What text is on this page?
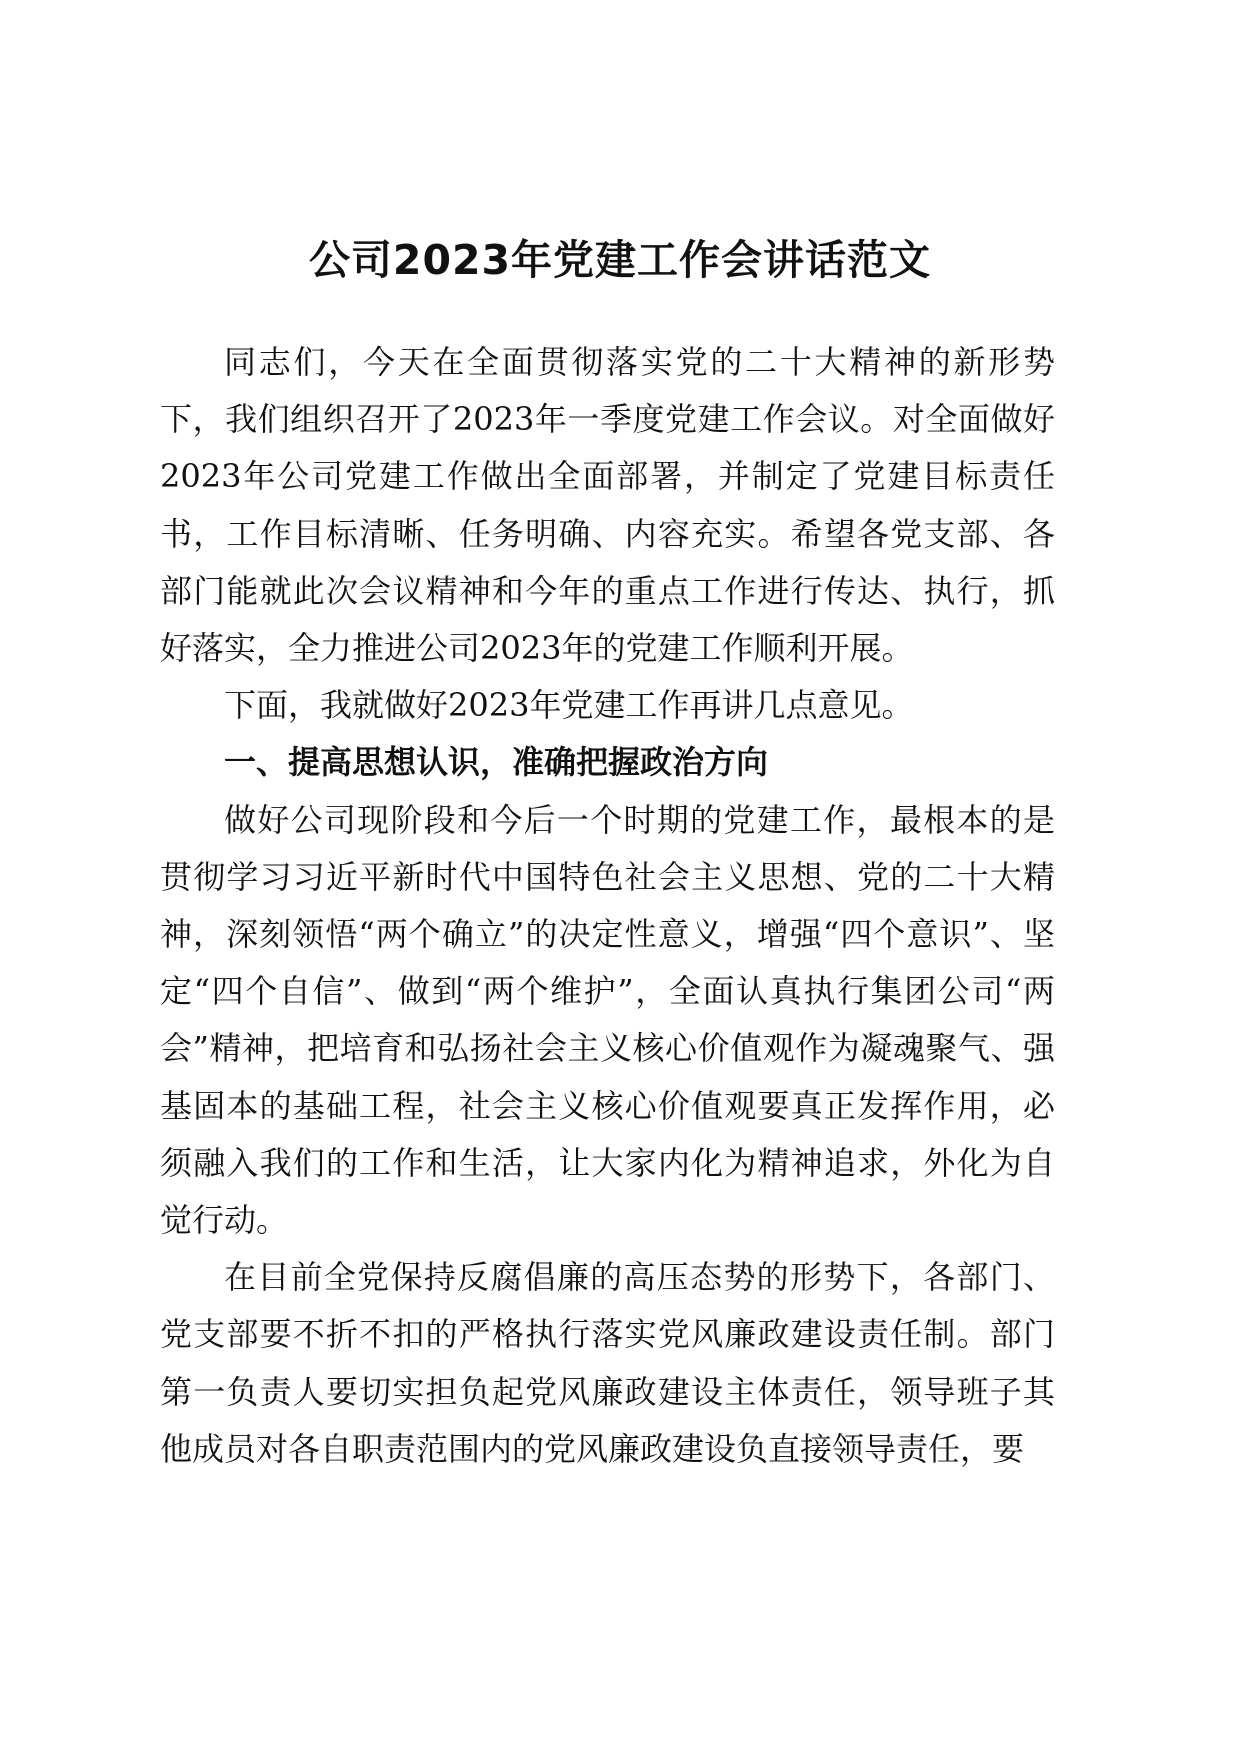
公司2023年党建工作会讲话范文

同志们，今天在全面贯彻落实党的二十大精神的新形势下，我们组织召开了2023年一季度党建工作会议。对全面做好2023年公司党建工作做出全面部署，并制定了党建目标责任书，工作目标清晰、任务明确、内容充实。希望各党支部、各部门能就此次会议精神和今年的重点工作进行传达、执行，抓好落实，全力推进公司2023年的党建工作顺利开展。

下面，我就做好2023年党建工作再讲几点意见。

一、提高思想认识，准确把握政治方向

做好公司现阶段和今后一个时期的党建工作，最根本的是贯彻学习习近平新时代中国特色社会主义思想、党的二十大精神，深刻领悟“两个确立”的决定性意义，增强“四个意识”、坚定“四个自信”、做到“两个维护”，全面认真执行集团公司“两会”精神，把培育和弘扬社会主义核心价值观作为凝魂聚气、强基固本的基础工程，社会主义核心价值观要真正发挥作用，必须融入我们的工作和生活，让大家内化为精神追求，外化为自觉行动。

在目前全党保持反腐倡廉的高压态势的形势下，各部门、党支部要不折不扣的严格执行落实党风廉政建设责任制。部门第一负责人要切实担负起党风廉政建设主体责任，领导班子其他成员对各自职责范围内的党风廉政建设负直接领导责任，要
